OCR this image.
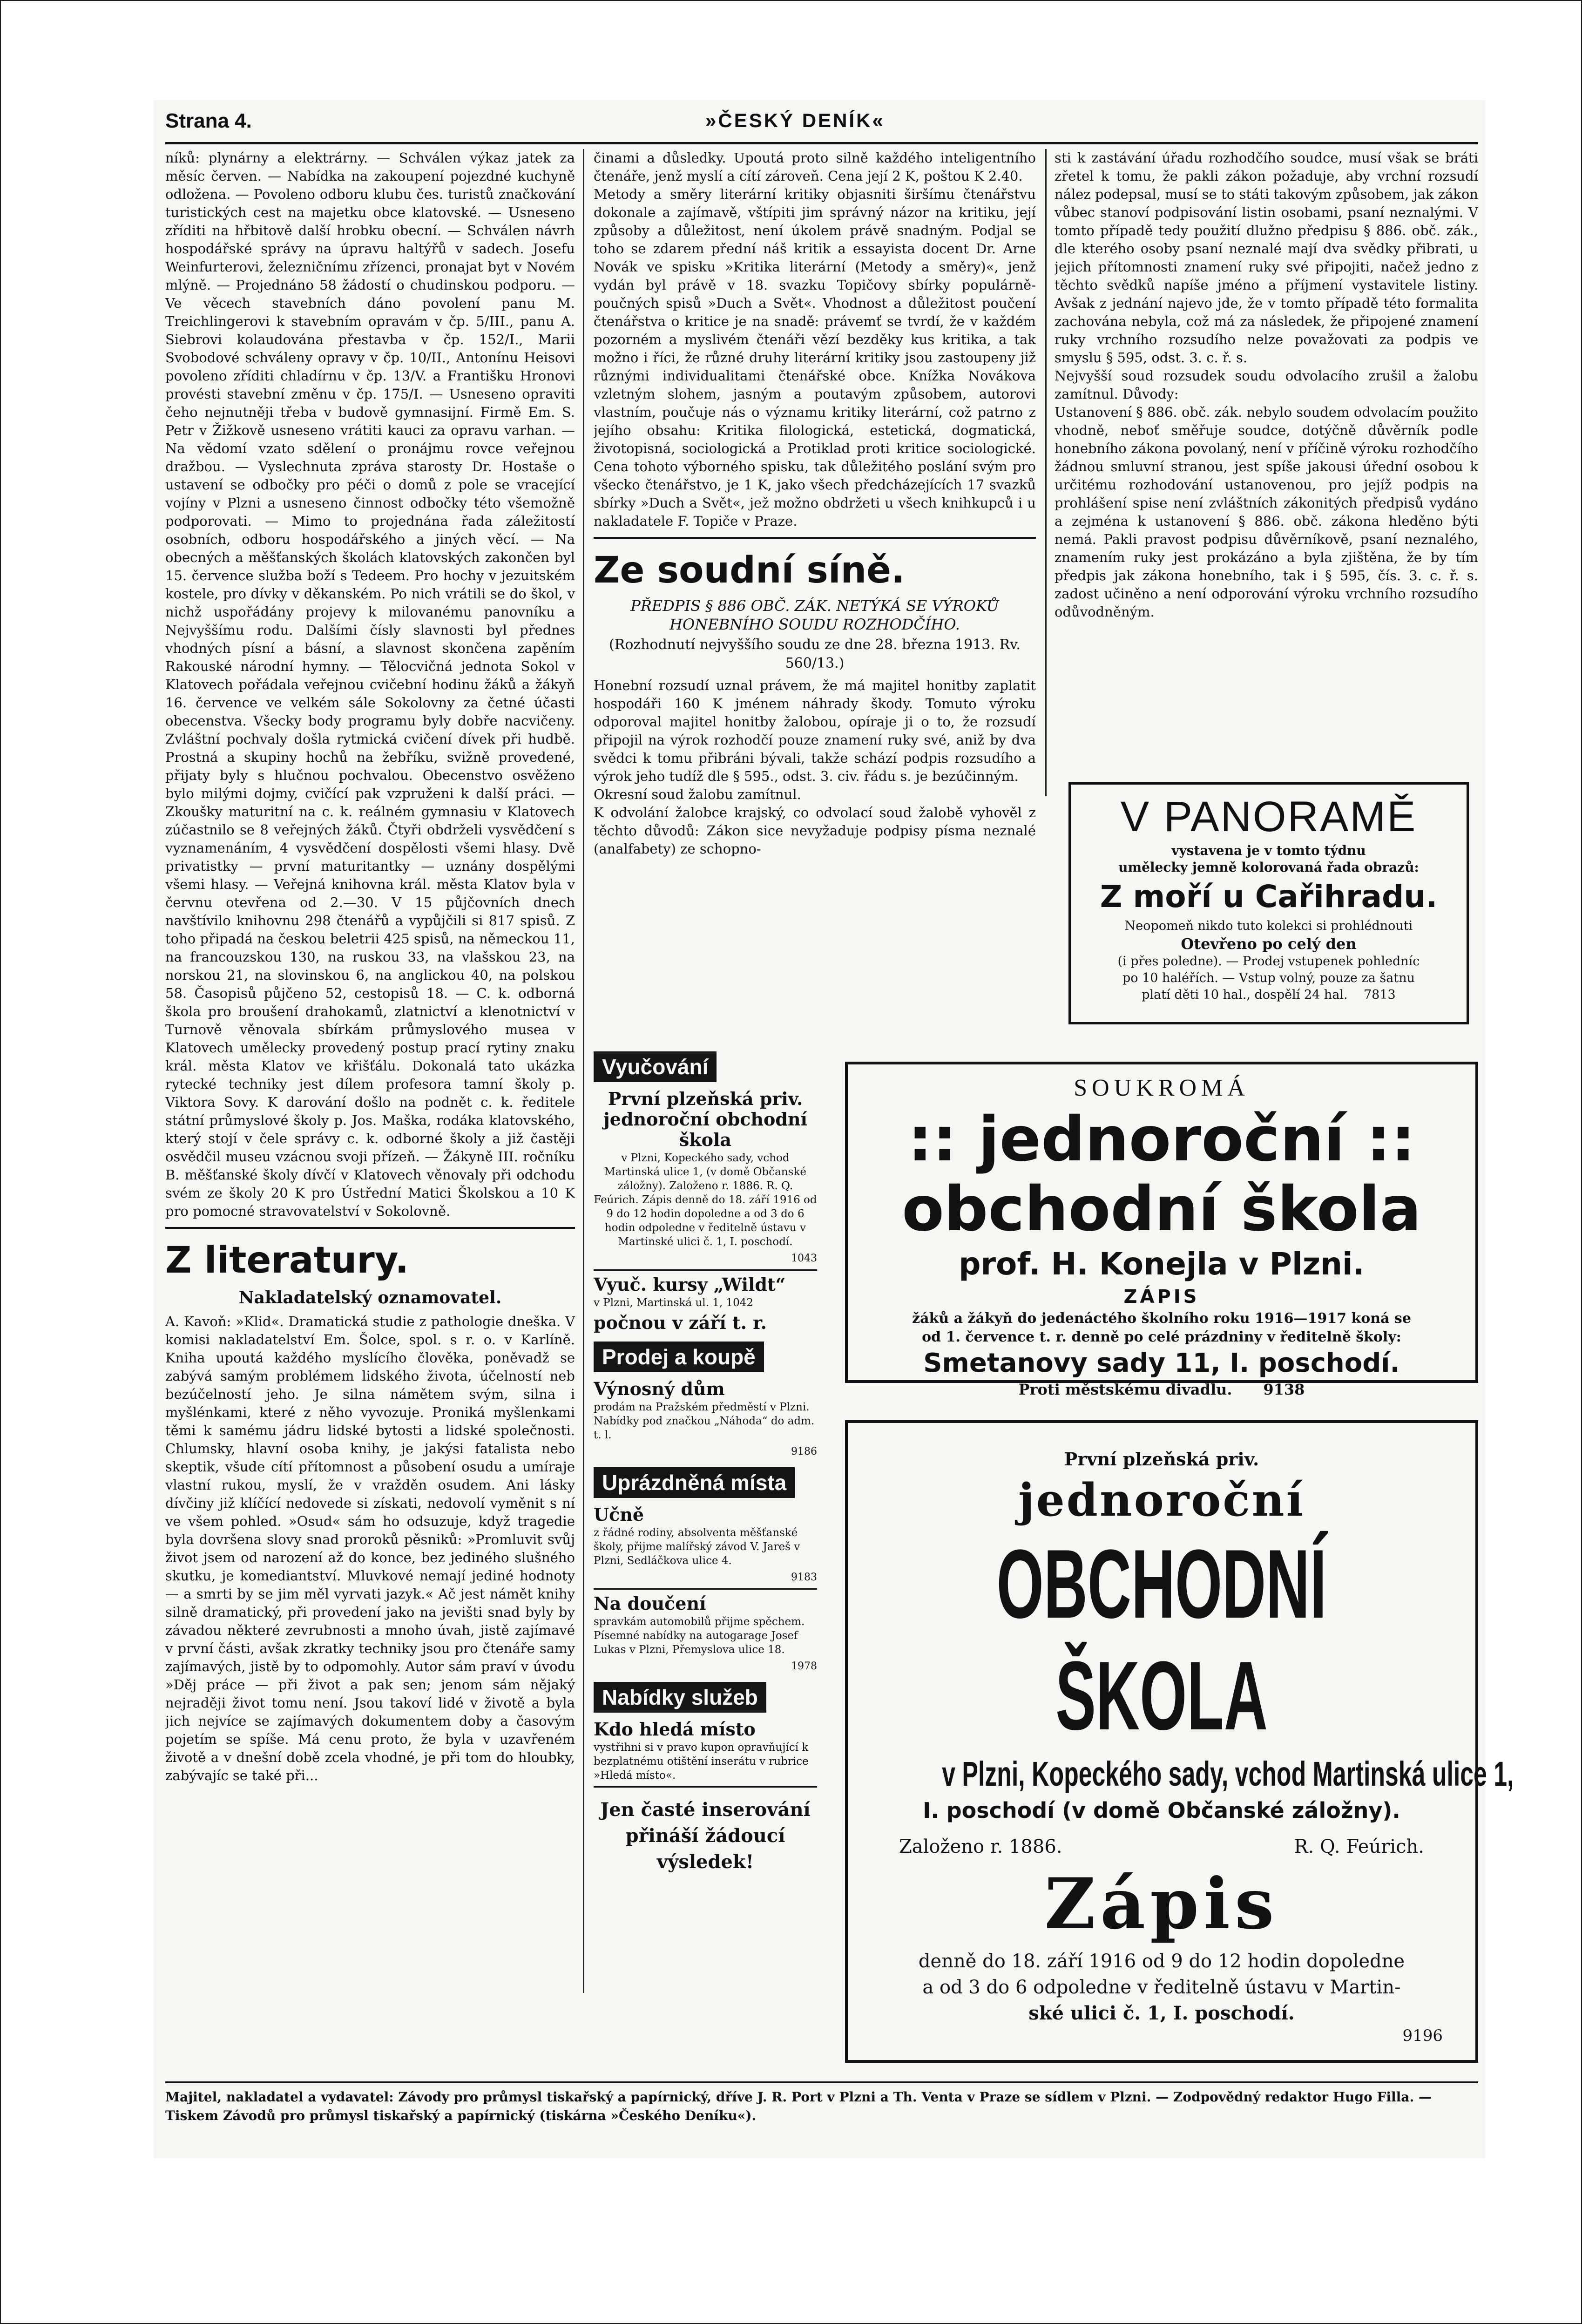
Strana 4.	»ČESKÝ DENÍK«

níků: plynárny a elektrárny. — Schválen výkaz jatek za měsíc červen. — Nabídka na zakoupení pojezdné kuchyně odložena. — Povoleno odboru klubu čes. turistů značkování turistických cest na majetku obce klatovské. — Usneseno zříditi na hřbitově další hrobku obecní. — Schválen návrh hospodářské správy na úpravu haltýřů v sadech. Josefu Weinfurterovi, železničnímu zřízenci, pronajat byt v Novém mlýně. — Projednáno 58 žádostí o chudinskou podporu. — Ve věcech stavebních dáno povolení panu M. Treichlingerovi k stavebním opravám v čp. 5/III., panu A. Siebrovi kolaudována přestavba v čp. 152/I., Marii Svobodové schváleny opravy v čp. 10/II., Antonínu Heisovi povoleno zříditi chladírnu v čp. 13/V. a Františku Hronovi provésti stavební změnu v čp. 175/I. — Usneseno opraviti čeho nejnutněji třeba v budově gymnasijní. Firmě Em. S. Petr v Žižkově usneseno vrátiti kauci za opravu varhan. — Na vědomí vzato sdělení o pronájmu rovce veřejnou dražbou. — Vyslechnuta zpráva starosty Dr. Hostaše o ustavení se odbočky pro péči o domů z pole se vracející vojíny v Plzni a usneseno činnost odbočky této všemožně podporovati. — Mimo to projednána řada záležitostí osobních, odboru hospodářského a jiných věcí. — Na obecných a měšťanských školách klatovských zakončen byl 15. července služba boží s Tedeem. Pro hochy v jezuitském kostele, pro dívky v děkanském. Po nich vrátili se do škol, v nichž uspořádány projevy k milovanému panovníku a Nejvyššímu rodu. Dalšími čísly slavnosti byl přednes vhodných písní a básní, a slavnost skončena zapěním Rakouské národní hymny. — Tělocvičná jednota Sokol v Klatovech pořádala veřejnou cvičební hodinu žáků a žákyň 16. července ve velkém sále Sokolovny za četné účasti obecenstva. Všecky body programu byly dobře nacvičeny. Zvláštní pochvaly došla rytmická cvičení dívek při hudbě. Prostná a skupiny hochů na žebříku, svižně provedené, přijaty byly s hlučnou pochvalou. Obecenstvo osvěženo bylo milými dojmy, cvičící pak vzpruženi k další práci. — Zkoušky maturitní na c. k. reálném gymnasiu v Klatovech zúčastnilo se 8 veřejných žáků. Čtyři obdrželi vysvědčení s vyznamenáním, 4 vysvědčení dospělosti všemi hlasy. Dvě privatistky — první maturitantky — uznány dospělými všemi hlasy. — Veřejná knihovna král. města Klatov byla v červnu otevřena od 2.—30. V 15 půjčovních dnech navštívilo knihovnu 298 čtenářů a vypůjčili si 817 spisů. Z toho připadá na českou beletrii 425 spisů, na německou 11, na francouzskou 130, na ruskou 33, na vlašskou 23, na norskou 21, na slovinskou 6, na anglickou 40, na polskou 58. Časopisů půjčeno 52, cestopisů 18. — C. k. odborná škola pro broušení drahokamů, zlatnictví a klenotnictví v Turnově věnovala sbírkám průmyslového musea v Klatovech umělecky provedený postup prací rytiny znaku král. města Klatov ve křišťálu. Dokonalá tato ukázka rytecké techniky jest dílem profesora tamní školy p. Viktora Sovy. K darování došlo na podnět c. k. ředitele státní průmyslové školy p. Jos. Maška, rodáka klatovského, který stojí v čele správy c. k. odborné školy a již častěji osvědčil museu vzácnou svoji přízeň. — Žákyně III. ročníku B. měšťanské školy dívčí v Klatovech věnovaly při odchodu svém ze školy 20 K pro Ústřední Matici Školskou a 10 K pro pomocné stravovatelství v Sokolovně.

Z literatury.
Nakladatelský oznamovatel.

A. Kavoň: »Klid«. Dramatická studie z pathologie dneška. V komisi nakladatelství Em. Šolce, spol. s r. o. v Karlíně. Kniha upoutá každého myslícího člověka, poněvadž se zabývá samým problémem lidského života, účelností neb bezúčelností jeho. Je silna námětem svým, silna i myšlénkami, které z něho vyvozuje. Proniká myšlenkami těmi k samému jádru lidské bytosti a lidské společnosti. Chlumsky, hlavní osoba knihy, je jakýsi fatalista nebo skeptik, všude cítí přítomnost a působení osudu a umíraje vlastní rukou, myslí, že v vražděn osudem. Ani lásky dívčiny již klíčící nedovede si získati, nedovolí vyměnit s ní ve všem pohled. »Osud« sám ho odsuzuje, když tragedie byla dovršena slovy snad proroků pěsniků: »Promluvit svůj život jsem od narození až do konce, bez jediného slušného skutku, je komediantství. Mluvkové nemají jediné hodnoty — a smrti by se jim měl vyrvati jazyk.« Ač jest námět knihy silně dramatický, při provedení jako na jevišti snad byly by závadou některé zevrubnosti a mnoho úvah, jistě zajímavé v první části, avšak zkratky techniky jsou pro čtenáře samy zajímavých, jistě by to odpomohly. Autor sám praví v úvodu »Děj práce — při život a pak sen; jenom sám nějaký nejraději život tomu není. Jsou takoví lidé v životě a byla jich nejvíce se zajímavých dokumentem doby a časovým pojetím se spíše. Má cenu proto, že byla v uzavřeném životě a v dnešní době zcela vhodné, je při tom do hloubky, zabývajíc se také při...

činami a důsledky. Upoutá proto silně každého inteligentního čtenáře, jenž myslí a cítí zároveň. Cena její 2 K, poštou K 2.40.

Metody a směry literární kritiky objasniti širšímu čtenářstvu dokonale a zajímavě, vštípiti jim správný názor na kritiku, její způsoby a důležitost, není úkolem právě snadným. Podjal se toho se zdarem přední náš kritik a essayista docent Dr. Arne Novák ve spisku »Kritika literární (Metody a směry)«, jenž vydán byl právě v 18. svazku Topičovy sbírky populárně-poučných spisů »Duch a Svět«. Vhodnost a důležitost poučení čtenářstva o kritice je na snadě: právemť se tvrdí, že v každém pozorném a myslivém čtenáři vězí bezděky kus kritika, a tak možno i říci, že různé druhy literární kritiky jsou zastoupeny již různými individualitami čtenářské obce. Knížka Novákova vzletným slohem, jasným a poutavým způsobem, autorovi vlastním, poučuje nás o významu kritiky literární, což patrno z jejího obsahu: Kritika filologická, estetická, dogmatická, životopisná, sociologická a Protiklad proti kritice sociologické. Cena tohoto výborného spisku, tak důležitého poslání svým pro všecko čtenářstvo, je 1 K, jako všech předcházejících 17 svazků sbírky »Duch a Svět«, jež možno obdržeti u všech knihkupců i u nakladatele F. Topiče v Praze.

Ze soudní síně.
PŘEDPIS § 886 OBČ. ZÁK. NETÝKÁ SE VÝROKŮ HONEBNÍHO SOUDU ROZHODČÍHO.
(Rozhodnutí nejvyššího soudu ze dne 28. března 1913. Rv. 560/13.)

Honební rozsudí uznal právem, že má majitel honitby zaplatit hospodáři 160 K jménem náhrady škody. Tomuto výroku odporoval majitel honitby žalobou, opíraje ji o to, že rozsudí připojil na výrok rozhodčí pouze znamení ruky své, aniž by dva svědci k tomu přibráni bývali, takže schází podpis rozsudího a výrok jeho tudíž dle § 595., odst. 3. civ. řádu s. je bezúčinným.

Okresní soud žalobu zamítnul.

K odvolání žalobce krajský, co odvolací soud žalobě vyhověl z těchto důvodů: Zákon sice nevyžaduje podpisy písma neznalé (analfabety) ze schopno-

sti k zastávání úřadu rozhodčího soudce, musí však se bráti zřetel k tomu, že pakli zákon požaduje, aby vrchní rozsudí nález podepsal, musí se to státi takovým způsobem, jak zákon vůbec stanoví podpisování listin osobami, psaní neznalými. V tomto případě tedy použití dlužno předpisu § 886. obč. zák., dle kterého osoby psaní neznalé mají dva svědky přibrati, u jejich přítomnosti znamení ruky své připojiti, načež jedno z těchto svědků napíše jméno a příjmení vystavitele listiny. Avšak z jednání najevo jde, že v tomto případě této formalita zachována nebyla, což má za následek, že připojené znamení ruky vrchního rozsudího nelze považovati za podpis ve smyslu § 595, odst. 3. c. ř. s.

Nejvyšší soud rozsudek soudu odvolacího zrušil a žalobu zamítnul. Důvody:

Ustanovení § 886. obč. zák. nebylo soudem odvolacím použito vhodně, neboť směřuje soudce, dotýčně důvěrník podle honebního zákona povolaný, není v příčině výroku rozhodčího žádnou smluvní stranou, jest spíše jakousi úřední osobou k určitému rozhodování ustanovenou, pro jejíž podpis na prohlášení spise není zvláštních zákonitých předpisů vydáno a zejména k ustanovení § 886. obč. zákona hleděno býti nemá. Pakli pravost podpisu důvěrníkově, psaní neznalého, znamením ruky jest prokázáno a byla zjištěna, že by tím předpis jak zákona honebního, tak i § 595, čís. 3. c. ř. s. zadost učiněno a není odporování výroku vrchního rozsudího odůvodněným.

V PANORAMĚ
vystavena je v tomto týdnu
umělecky jemně kolorovaná řada obrazů:
Z moří u Cařihradu.
Neopomeň nikdo tuto kolekci si prohlédnouti
Otevřeno po celý den
(i přes poledne). — Prodej vstupenek pohledníc
po 10 haléřích. — Vstup volný, pouze za šatnu
platí děti 10 hal., dospělí 24 hal. 7813
Vyučování
První plzeňská priv. jednoroční obchodní škola
v Plzni, Kopeckého sady, vchod Martinská ulice 1, (v domě Občanské záložny). Založeno r. 1886. R. Q. Feúrich. Zápis denně do 18. září 1916 od 9 do 12 hodin dopoledne a od 3 do 6 hodin odpoledne v ředitelně ústavu v Martinské ulici č. 1, I. poschodí.
1043
Vyuč. kursy „Wildt“
v Plzni, Martinská ul. 1, 1042
počnou v září t. r.
Prodej a koupě
Výnosný dům
prodám na Pražském předměstí v Plzni. Nabídky pod značkou „Náhoda“ do adm. t. l.
9186
Uprázdněná místa
Učně
z řádné rodiny, absolventa měšťanské školy, přijme malířský závod V. Jareš v Plzni, Sedláčkova ulice 4.
9183
Na doučení
spravkám automobilů přijme spěchem. Písemné nabídky na autogarage Josef Lukas v Plzni, Přemyslova ulice 18.
1978
Nabídky služeb
Kdo hledá místo
vystřihni si v pravo kupon opravňující k bezplatnému otištění inserátu v rubrice »Hledá místo«.
Jen časté inserování přináší žádoucí výsledek!
SOUKROMÁ
:: jednoroční ::
obchodní škola
prof. H. Konejla v Plzni.
ZÁPIS
žáků a žákyň do jedenáctého školního roku 1916—1917 koná se
od 1. července t. r. denně po celé prázdniny v ředitelně školy:
Smetanovy sady 11, I. poschodí.
Proti městskému divadlu. 9138
První plzeňská priv.
jednoroční
OBCHODNÍ ŠKOLA
v Plzni, Kopeckého sady, vchod Martinská ulice 1,
I. poschodí (v domě Občanské záložny).
Založeno r. 1886.	R. Q. Feúrich.
Zápis
denně do 18. září 1916 od 9 do 12 hodin dopoledne
a od 3 do 6 odpoledne v ředitelně ústavu v Martin-
ské ulici č. 1, I. poschodí.
9196
Majitel, nakladatel a vydavatel: Závody pro průmysl tiskařský a papírnický, dříve J. R. Port v Plzni a Th. Venta v Praze se sídlem v Plzni. — Zodpovědný redaktor Hugo Filla. — Tiskem Závodů pro průmysl tiskařský a papírnický (tiskárna »Českého Deníku«).
